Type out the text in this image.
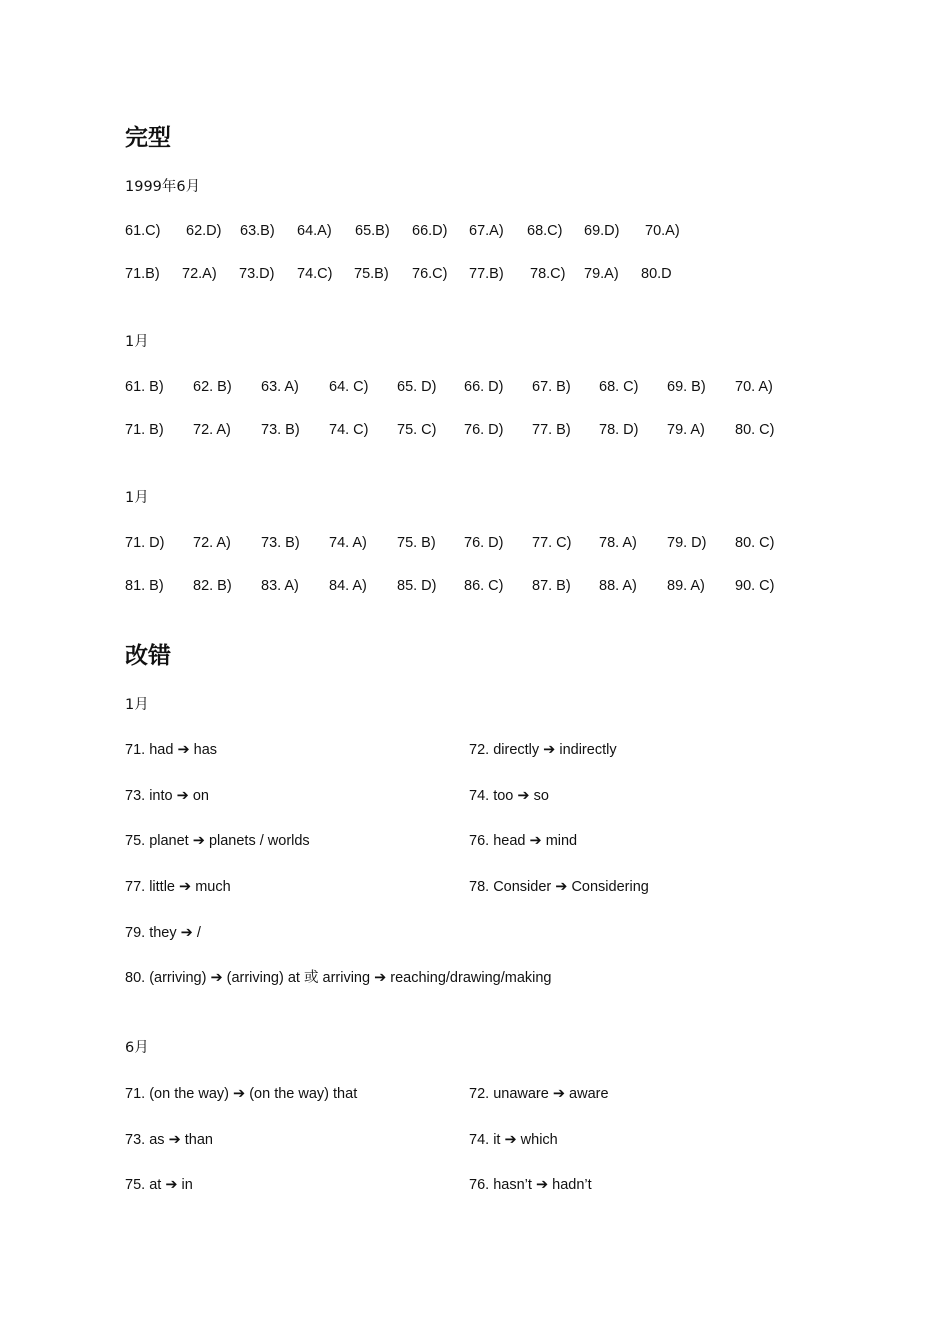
完型
1999年6月
61.C) 62.D) 63.B) 64.A) 65.B) 66.D) 67.A) 68.C) 69.D) 70.A)
71.B) 72.A) 73.D) 74.C) 75.B) 76.C) 77.B) 78.C) 79.A) 80.D
1月
61. B) 62. B) 63. A) 64. C) 65. D) 66. D) 67. B) 68. C) 69. B) 70. A)
71. B) 72. A) 73. B) 74. C) 75. C) 76. D) 77. B) 78. D) 79. A) 80. C)
1月
71. D) 72. A) 73. B) 74. A) 75. B) 76. D) 77. C) 78. A) 79. D) 80. C)
81. B) 82. B) 83. A) 84. A) 85. D) 86. C) 87. B) 88. A) 89. A) 90. C)
改错
1月
71. had ➔ has	72. directly ➔ indirectly
73. into ➔ on	74. too ➔ so
75. planet ➔ planets / worlds	76. head ➔ mind
77. little ➔ much	78. Consider ➔ Considering
79. they ➔ /
80. (arriving) ➔ (arriving) at 或 arriving ➔ reaching/drawing/making
6月
71. (on the way) ➔ (on the way) that	72. unaware ➔ aware
73. as ➔ than	74. it ➔ which
75. at ➔ in	76. hasn’t ➔ hadn’t
